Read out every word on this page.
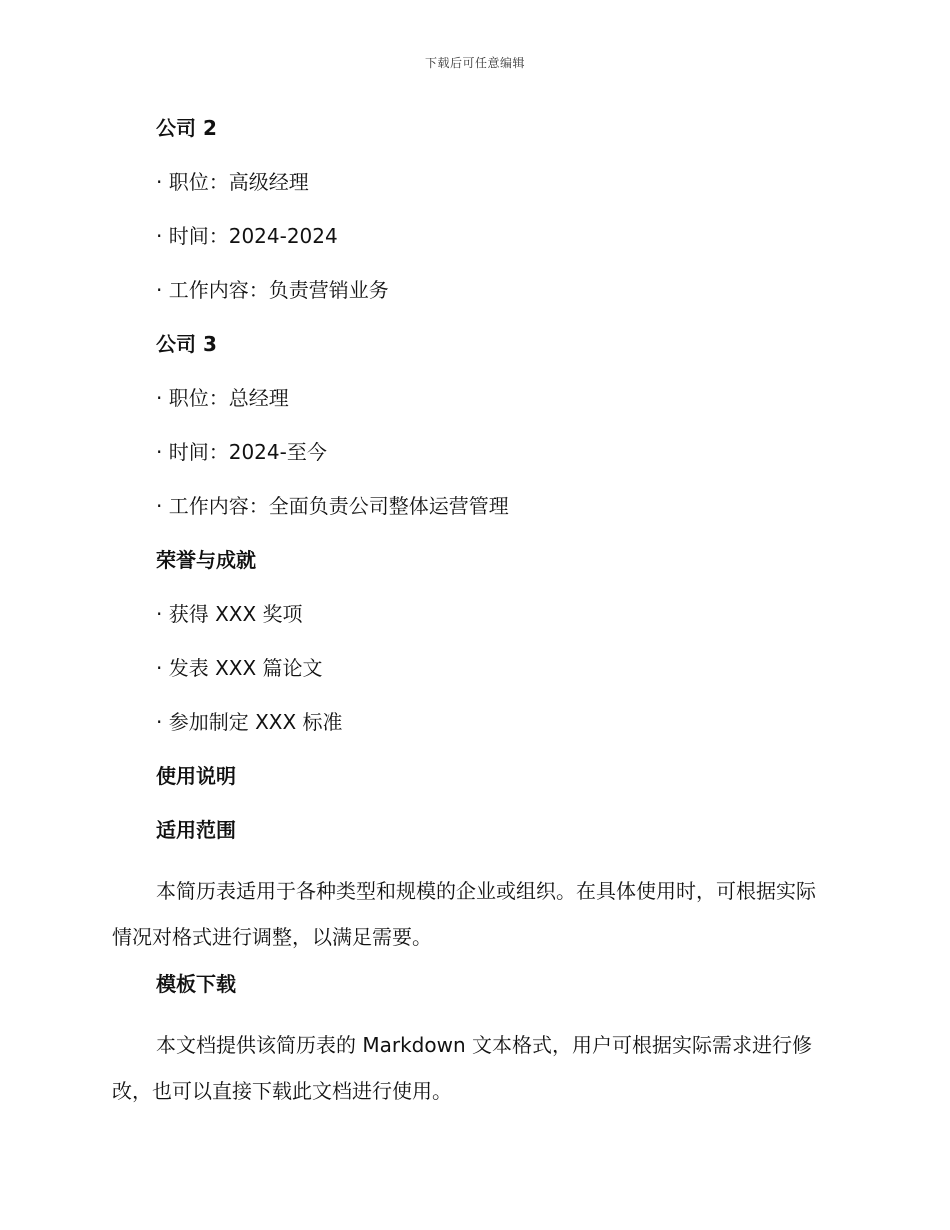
下载后可任意编辑
公司 2
· 职位：高级经理
· 时间：2024-2024
· 工作内容：负责营销业务
公司 3
· 职位：总经理
· 时间：2024-至今
· 工作内容：全面负责公司整体运营管理
荣誉与成就
· 获得 XXX 奖项
· 发表 XXX 篇论文
· 参加制定 XXX 标准
使用说明
适用范围

本简历表适用于各种类型和规模的企业或组织。在具体使用时，可根据实际情况对格式进行调整，以满足需要。

模板下载

本文档提供该简历表的 Markdown 文本格式，用户可根据实际需求进行修改，也可以直接下载此文档进行使用。
